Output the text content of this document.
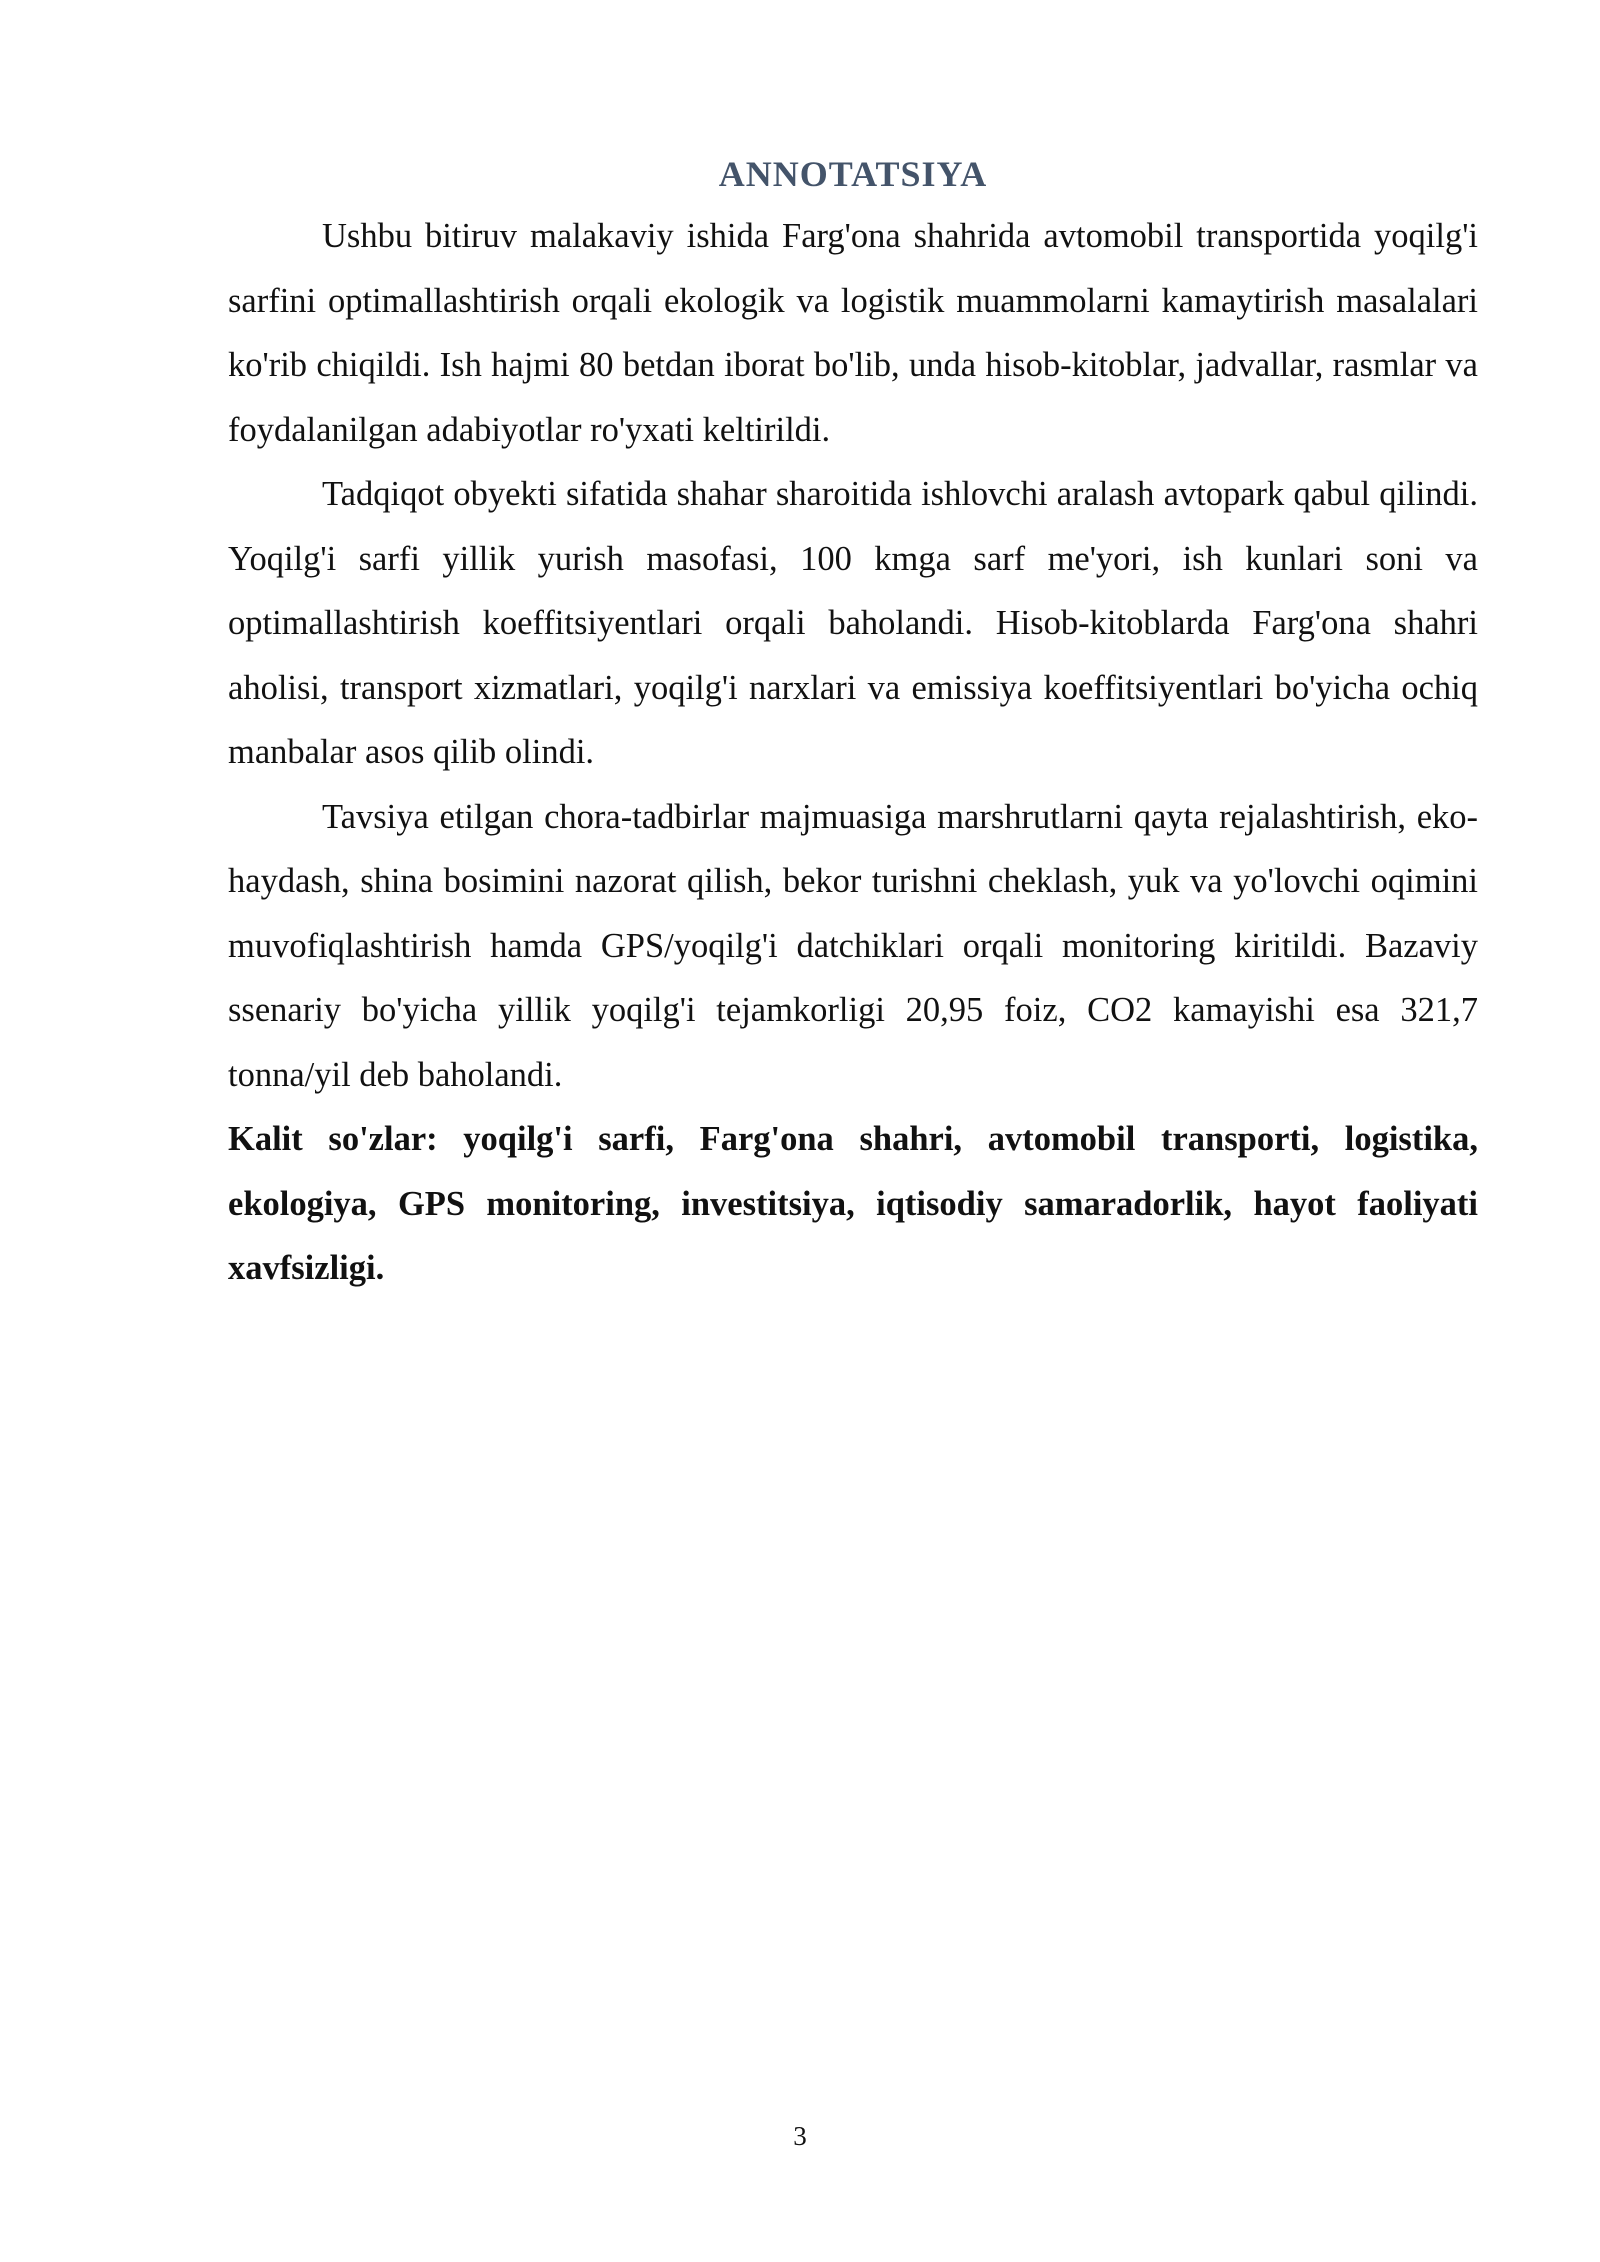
ANNOTATSIYA

Ushbu bitiruv malakaviy ishida Farg'ona shahrida avtomobil transportida yoqilg'i sarfini optimallashtirish orqali ekologik va logistik muammolarni kamaytirish masalalari ko'rib chiqildi. Ish hajmi 80 betdan iborat bo'lib, unda hisob-kitoblar, jadvallar, rasmlar va foydalanilgan adabiyotlar ro'yxati keltirildi.

Tadqiqot obyekti sifatida shahar sharoitida ishlovchi aralash avtopark qabul qilindi. Yoqilg'i sarfi yillik yurish masofasi, 100 kmga sarf me'yori, ish kunlari soni va optimallashtirish koeffitsiyentlari orqali baholandi. Hisob-kitoblarda Farg'ona shahri aholisi, transport xizmatlari, yoqilg'i narxlari va emissiya koeffitsiyentlari bo'yicha ochiq manbalar asos qilib olindi.

Tavsiya etilgan chora-tadbirlar majmuasiga marshrutlarni qayta rejalashtirish, eko-haydash, shina bosimini nazorat qilish, bekor turishni cheklash, yuk va yo'lovchi oqimini muvofiqlashtirish hamda GPS/yoqilg'i datchiklari orqali monitoring kiritildi. Bazaviy ssenariy bo'yicha yillik yoqilg'i tejamkorligi 20,95 foiz, CO2 kamayishi esa 321,7 tonna/yil deb baholandi.

Kalit so'zlar: yoqilg'i sarfi, Farg'ona shahri, avtomobil transporti, logistika, ekologiya, GPS monitoring, investitsiya, iqtisodiy samaradorlik, hayot faoliyati xavfsizligi.

3
